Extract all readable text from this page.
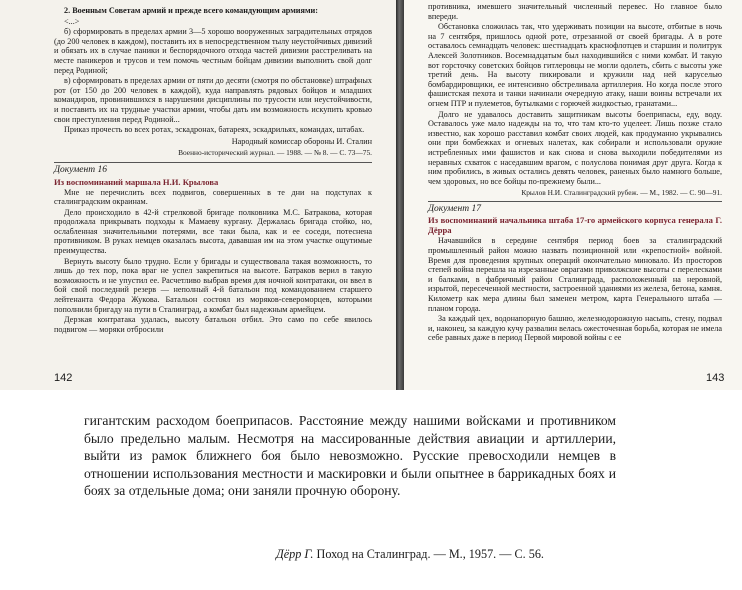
2. Военным Советам армий и прежде всего командующим армиями:

<...>

б) сформировать в пределах армии 3—5 хорошо вооруженных заградительных отрядов (до 200 человек в каждом), поставить их в непосредственном тылу неустойчивых дивизий и обязать их в случае паники и беспорядочного отхода частей дивизии расстреливать на месте паникеров и трусов и тем помочь честным бойцам дивизии выполнить свой долг перед Родиной;

в) сформировать в пределах армии от пяти до десяти (смотря по обстановке) штрафных рот (от 150 до 200 человек в каждой), куда направлять рядовых бойцов и младших командиров, провинившихся в нарушении дисциплины по трусости или неустойчивости, и поставить их на трудные участки армии, чтобы дать им возможность искупить кровью свои преступления перед Родиной...

Приказ прочесть во всех ротах, эскадронах, батареях, эскадрильях, командах, штабах.

Народный комиссар обороны И. Сталин

Военно-исторический журнал. — 1988. — № 8. — С. 73—75.

Документ 16

Из воспоминаний маршала Н.И. Крылова

Мне не перечислить всех подвигов, совершенных в те дни на подступах к сталинградским окраинам.

Дело происходило в 42-й стрелковой бригаде полковника М.С. Батракова, которая продолжала прикрывать подходы к Мамаеву кургану. Держалась бригада стойко, но, ослабленная значительными потерями, все таки была, как и ее соседи, потеснена противником. В руках немцев оказалась высота, дававшая им на этом участке ощутимые преимущества.

Вернуть высоту было трудно. Если у бригады и существовала такая возможность, то лишь до тех пор, пока враг не успел закрепиться на высоте. Батраков верил в такую возможность и не упустил ее. Расчетливо выбрав время для ночной контратаки, он ввел в бой свой последний резерв — неполный 4-й батальон под командованием старшего лейтенанта Федора Жукова. Батальон состоял из моряков-североморцев, которыми пополнили бригаду на пути в Сталинград, а комбат был надежным армейцем.

Дерзкая контратака удалась, высоту батальон отбил. Это само по себе явилось подвигом — моряки отбросили

142

противника, имевшего значительный численный перевес. Но главное было впереди.

Обстановка сложилась так, что удерживать позиции на высоте, отбитые в ночь на 7 сентября, пришлось одной роте, отрезанной от своей бригады. А в роте оставалось семнадцать человек: шестнадцать краснофлотцев и старшин и политрук Алексей Золотников. Восемнадцатым был находившийся с ними комбат. И такую вот горсточку советских бойцов гитлеровцы не могли одолеть, сбить с высоты уже третий день. На высоту пикировали и кружили над ней каруселью бомбардировщики, ее интенсивно обстреливала артиллерия. Но когда после этого фашистская пехота и танки начинали очередную атаку, наши воины встречали их огнем ПТР и пулеметов, бутылками с горючей жидкостью, гранатами...

Долго не удавалось доставить защитникам высоты боеприпасы, еду, воду. Оставалось уже мало надежды на то, что там кто-то уцелеет. Лишь позже стало известно, как хорошо расставил комбат своих людей, как продуманно укрывались они при бомбежках и огневых налетах, как собирали и использовали оружие истребленных ими фашистов и как снова и снова выходили победителями из неравных схваток с наседавшим врагом, с полуслова понимая друг друга. Когда к ним пробились, в живых остались девять человек, раненых было намного больше, чем здоровых, но все бойцы по-прежнему были...

Крылов Н.И. Сталинградский рубеж. — М., 1982. — С. 90—91.

Документ 17

Из воспоминаний начальника штаба 17-го армейского корпуса генерала Г. Дёрра

Начавшийся в середине сентября период боев за сталинградский промышленный район можно назвать позиционной или «крепостной» войной. Время для проведения крупных операций окончательно миновало. Из просторов степей война перешла на изрезанные оврагами приволжские высоты с перелесками и балками, в фабричный район Сталинграда, расположенный на неровной, изрытой, пересеченной местности, застроенной зданиями из железа, бетона, камня. Километр как мера длины был заменен метром, карта Генерального штаба — планом города.

За каждый цех, водонапорную башню, железнодорожную насыпь, стену, подвал и, наконец, за каждую кучу развалин велась ожесточенная борьба, которая не имела себе равных даже в период Первой мировой войны с ее

143

гигантским расходом боеприпасов. Расстояние между нашими войсками и противником было предельно малым. Несмотря на массированные действия авиации и артиллерии, выйти из рамок ближнего боя было невозможно. Русские превосходили немцев в отношении использования местности и маскировки и были опытнее в баррикадных боях и боях за отдельные дома; они заняли прочную оборону.

Дёрр Г. Поход на Сталинград. — М., 1957. — С. 56.
